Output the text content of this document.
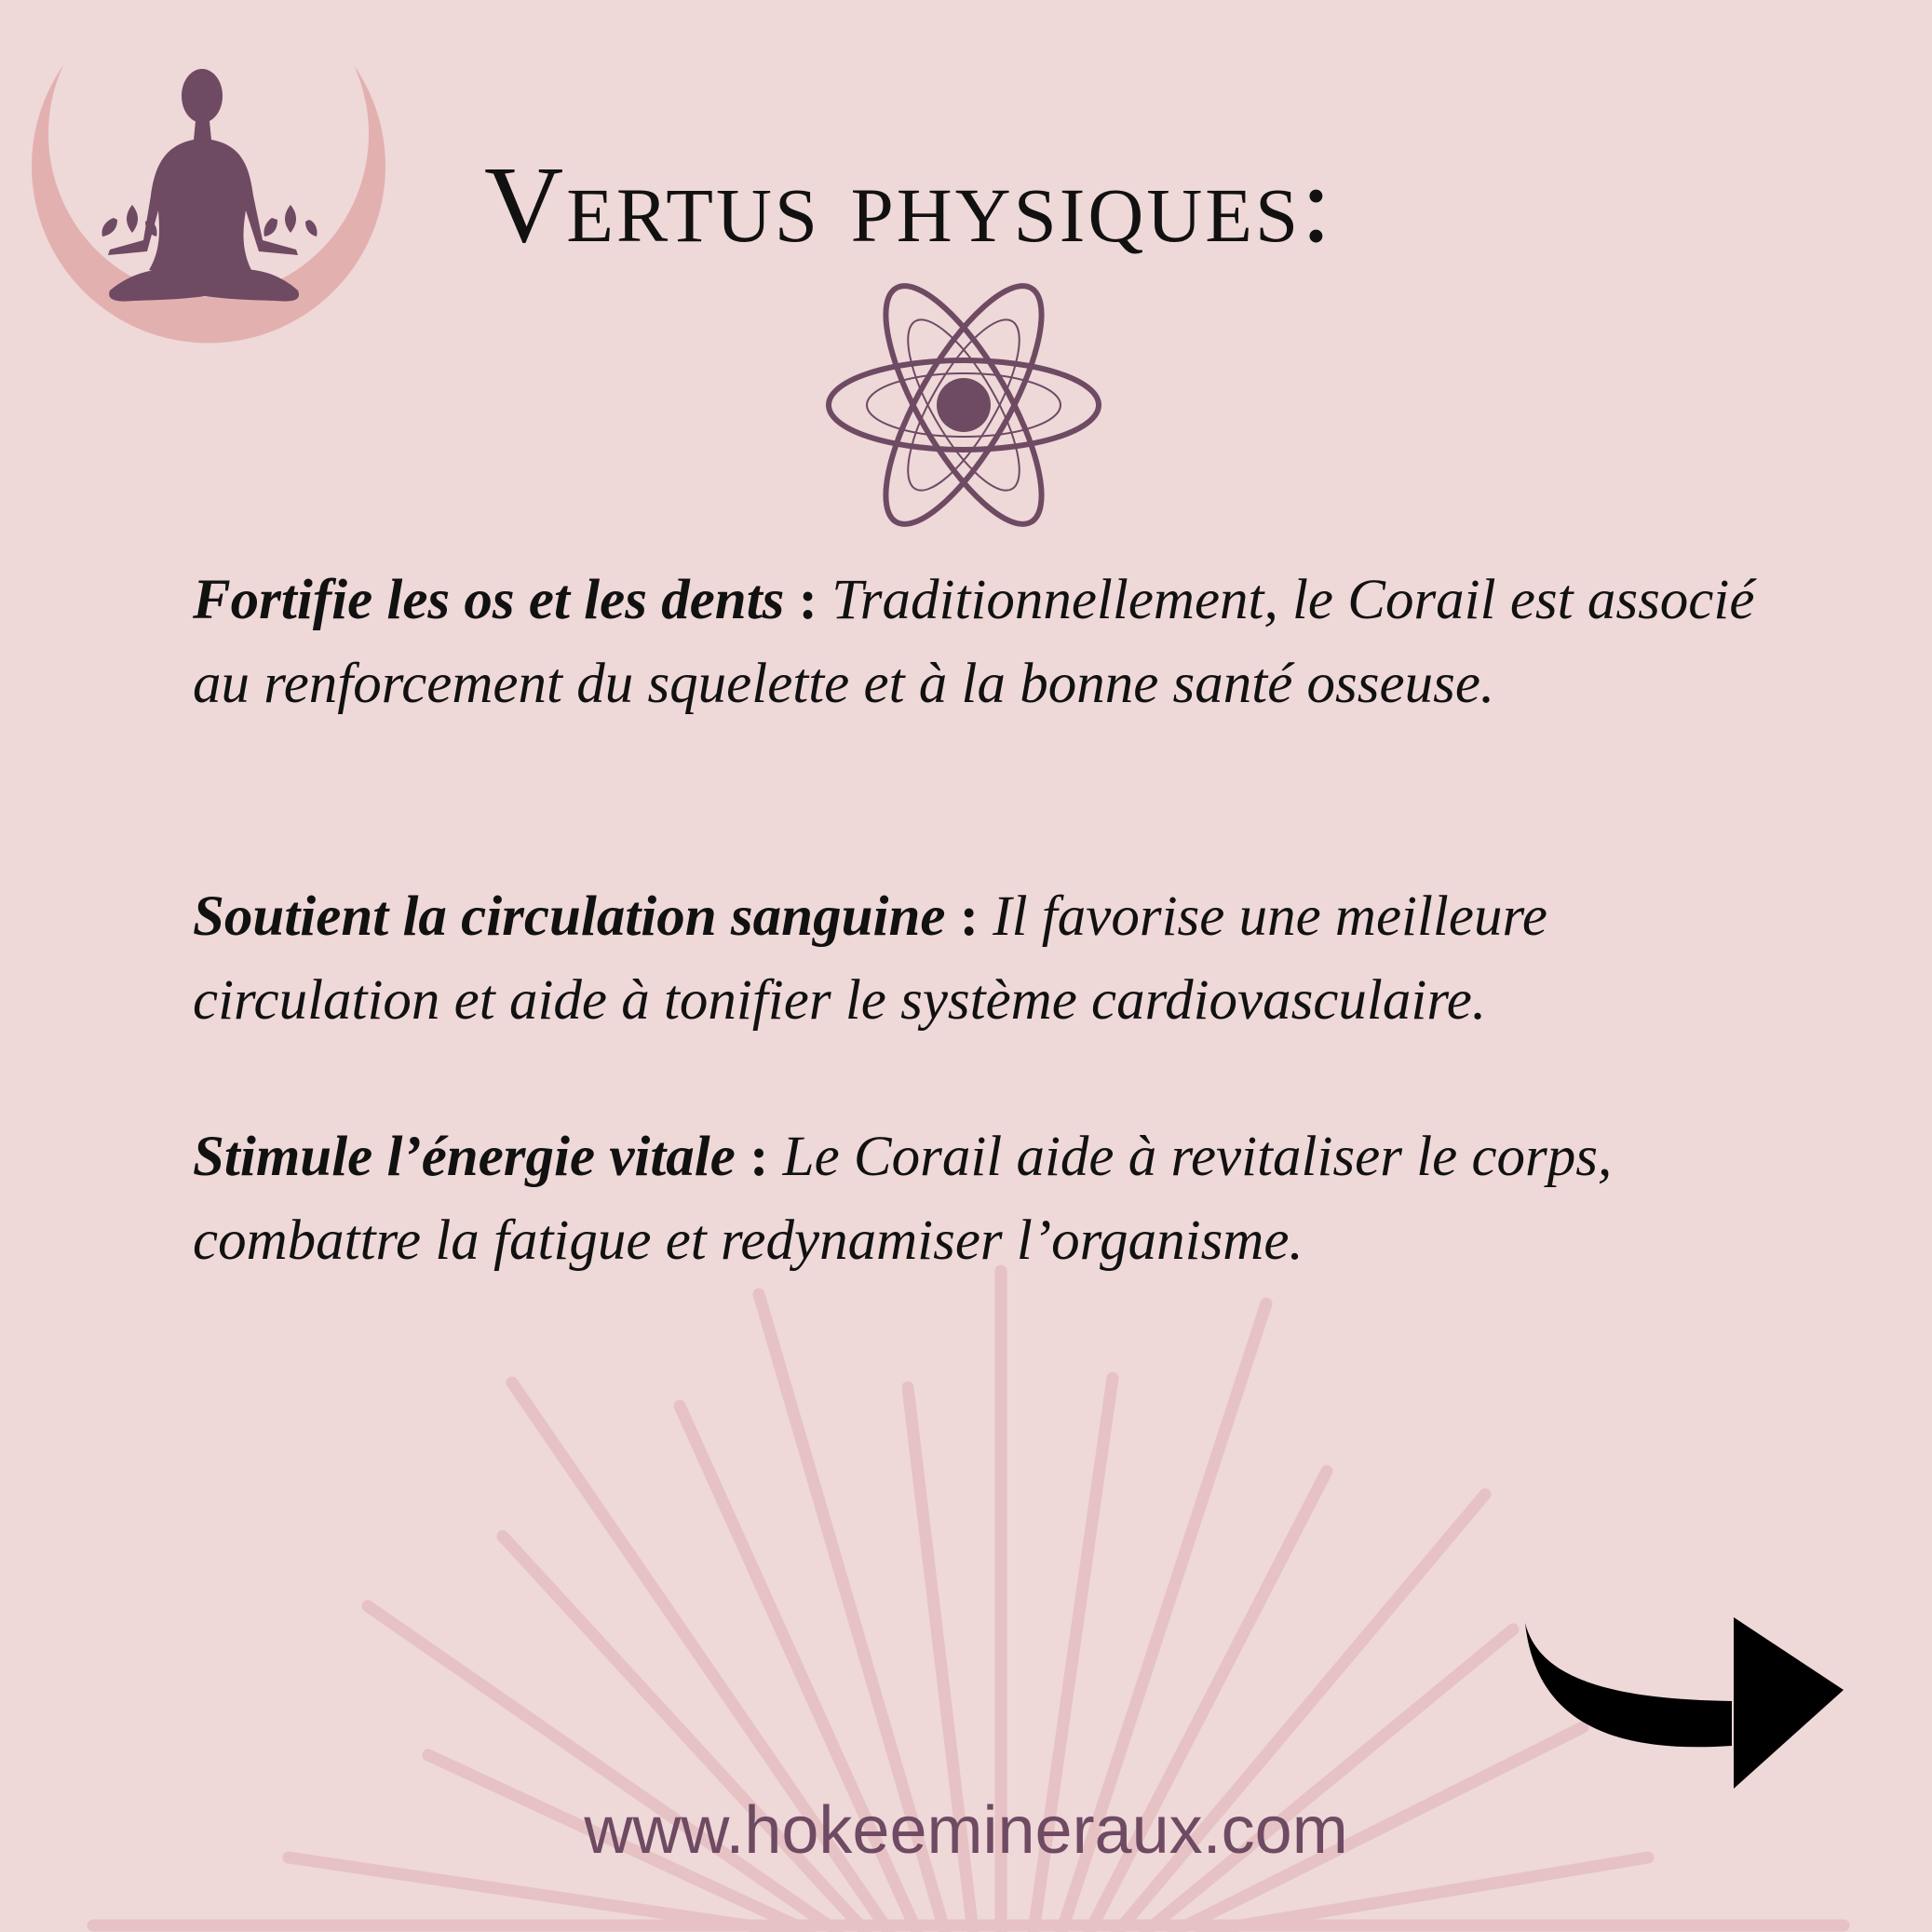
Vertus physiques:
Fortifie les os et les dents : Traditionnellement, le Corail est associé au renforcement du squelette et à la bonne santé osseuse.
Soutient la circulation sanguine : Il favorise une meilleure circulation et aide à tonifier le système cardiovasculaire.
Stimule l’énergie vitale : Le Corail aide à revitaliser le corps, combattre la fatigue et redynamiser l’organisme.
www.hokeemineraux.com
